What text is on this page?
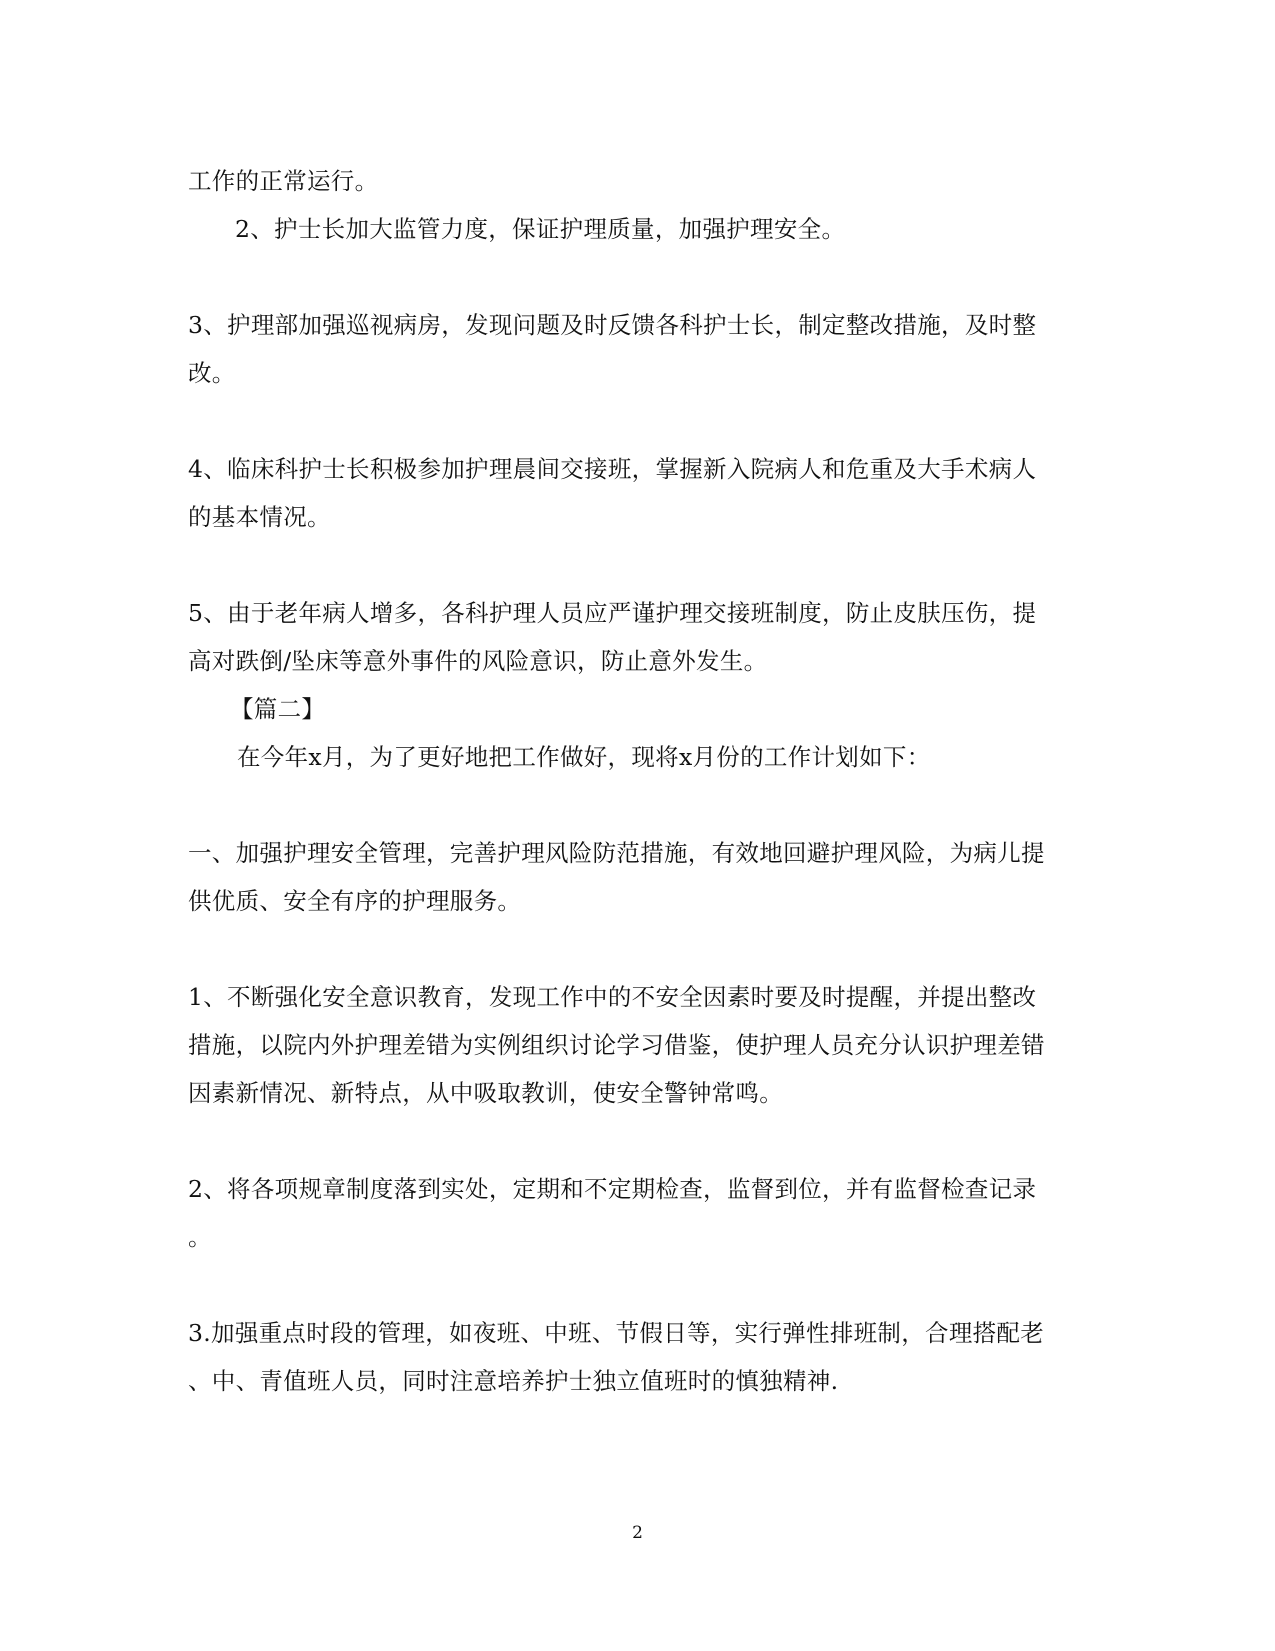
工作的正常运行。
2、护士长加大监管力度，保证护理质量，加强护理安全。
3、护理部加强巡视病房，发现问题及时反馈各科护士长，制定整改措施，及时整
改。
4、临床科护士长积极参加护理晨间交接班，掌握新入院病人和危重及大手术病人
的基本情况。
5、由于老年病人增多，各科护理人员应严谨护理交接班制度，防止皮肤压伤，提
高对跌倒/坠床等意外事件的风险意识，防止意外发生。
【篇二】
在今年x月，为了更好地把工作做好，现将x月份的工作计划如下：
一、加强护理安全管理，完善护理风险防范措施，有效地回避护理风险，为病儿提
供优质、安全有序的护理服务。
1、不断强化安全意识教育，发现工作中的不安全因素时要及时提醒，并提出整改
措施，以院内外护理差错为实例组织讨论学习借鉴，使护理人员充分认识护理差错
因素新情况、新特点，从中吸取教训，使安全警钟常鸣。
2、将各项规章制度落到实处，定期和不定期检查，监督到位，并有监督检查记录
。
3.加强重点时段的管理，如夜班、中班、节假日等，实行弹性排班制，合理搭配老
、中、青值班人员，同时注意培养护士独立值班时的慎独精神.
2
